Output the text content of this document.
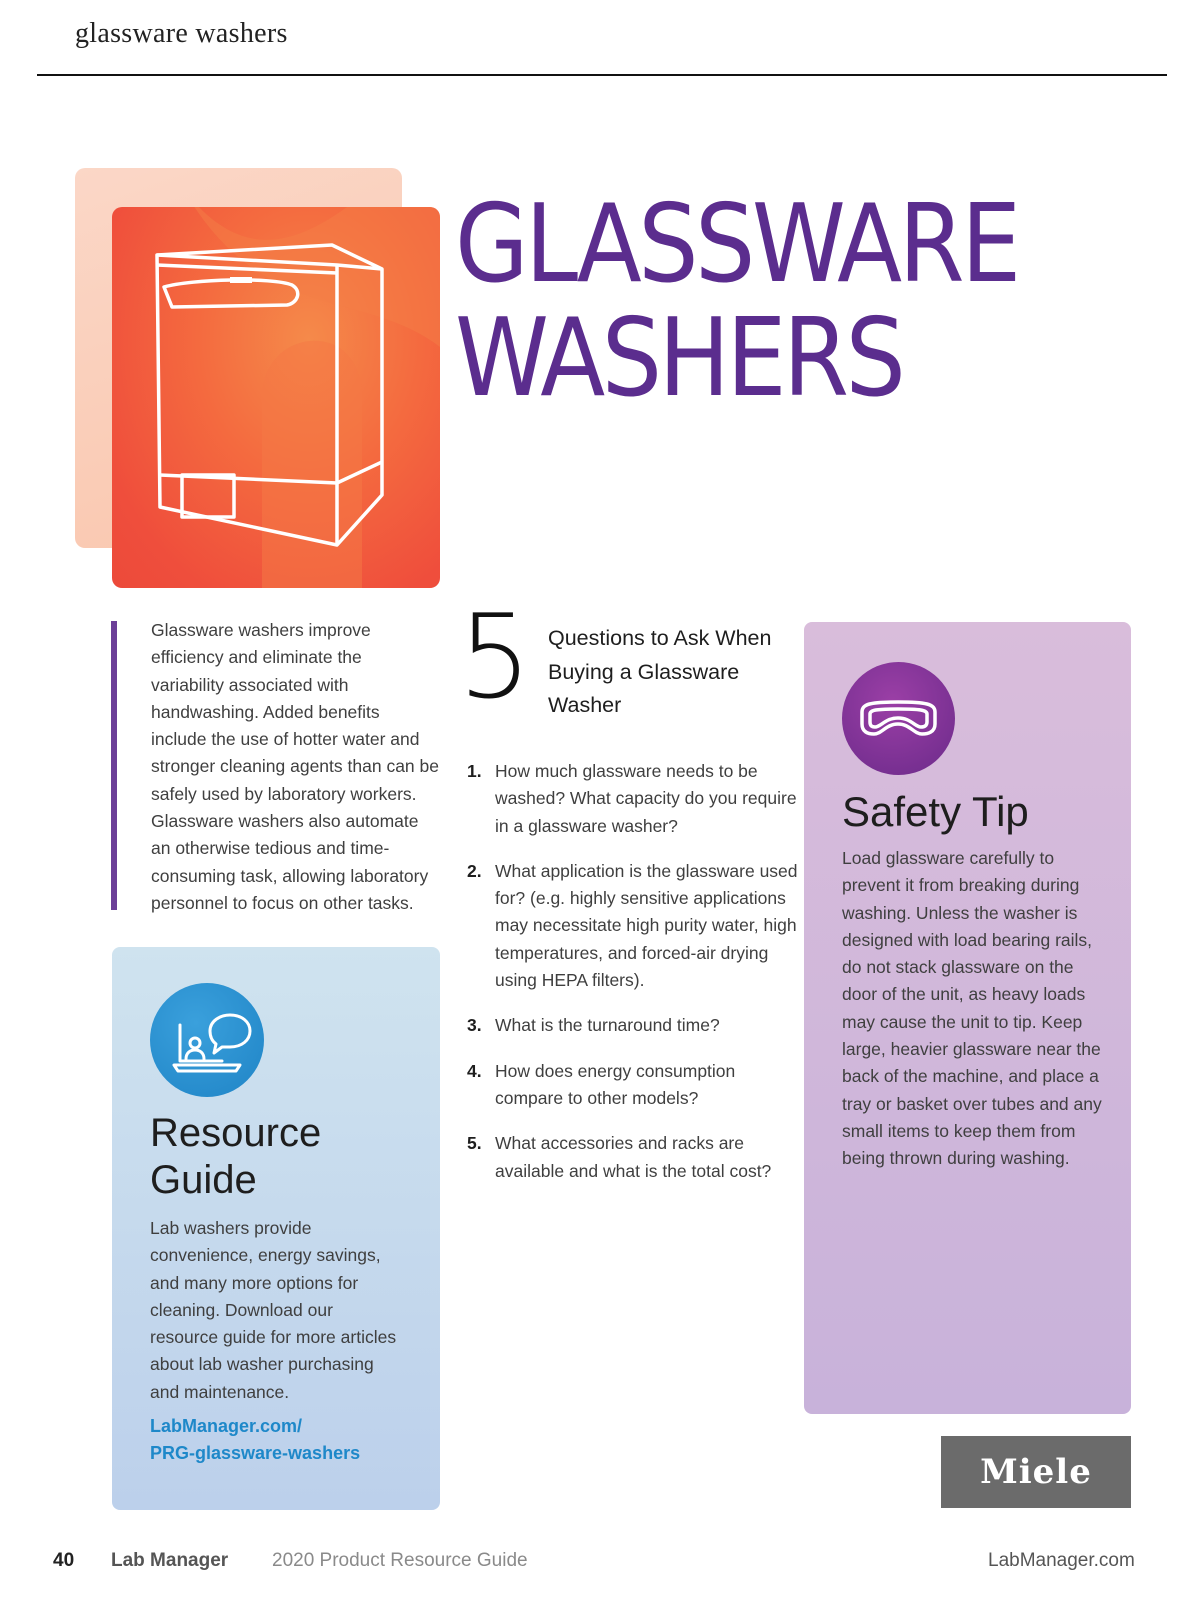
glassware washers
GLASSWARE
WASHERS
Glassware washers improve efficiency and eliminate the variability associated with handwashing. Added benefits include the use of hotter water and stronger cleaning agents than can be safely used by laboratory workers. Glassware washers also automate an otherwise tedious and time-consuming task, allowing laboratory personnel to focus on other tasks.
Resource
Guide
Lab washers provide convenience, energy savings, and many more options for cleaning. Download our resource guide for more articles about lab washer purchasing and maintenance.
LabManager.com/
PRG-glassware-washers
5 Questions to Ask When Buying a Glassware Washer
1. How much glassware needs to be washed? What capacity do you require in a glassware washer?
2. What application is the glassware used for? (e.g. highly sensitive applications may necessitate high purity water, high temperatures, and forced-air drying using HEPA filters).
3. What is the turnaround time?
4. How does energy consumption compare to other models?
5. What accessories and racks are available and what is the total cost?
Safety Tip
Load glassware carefully to prevent it from breaking during washing. Unless the washer is designed with load bearing rails, do not stack glassware on the door of the unit, as heavy loads may cause the unit to tip. Keep large, heavier glassware near the back of the machine, and place a tray or basket over tubes and any small items to keep them from being thrown during washing.
Miele
40 Lab Manager 2020 Product Resource Guide	LabManager.com
